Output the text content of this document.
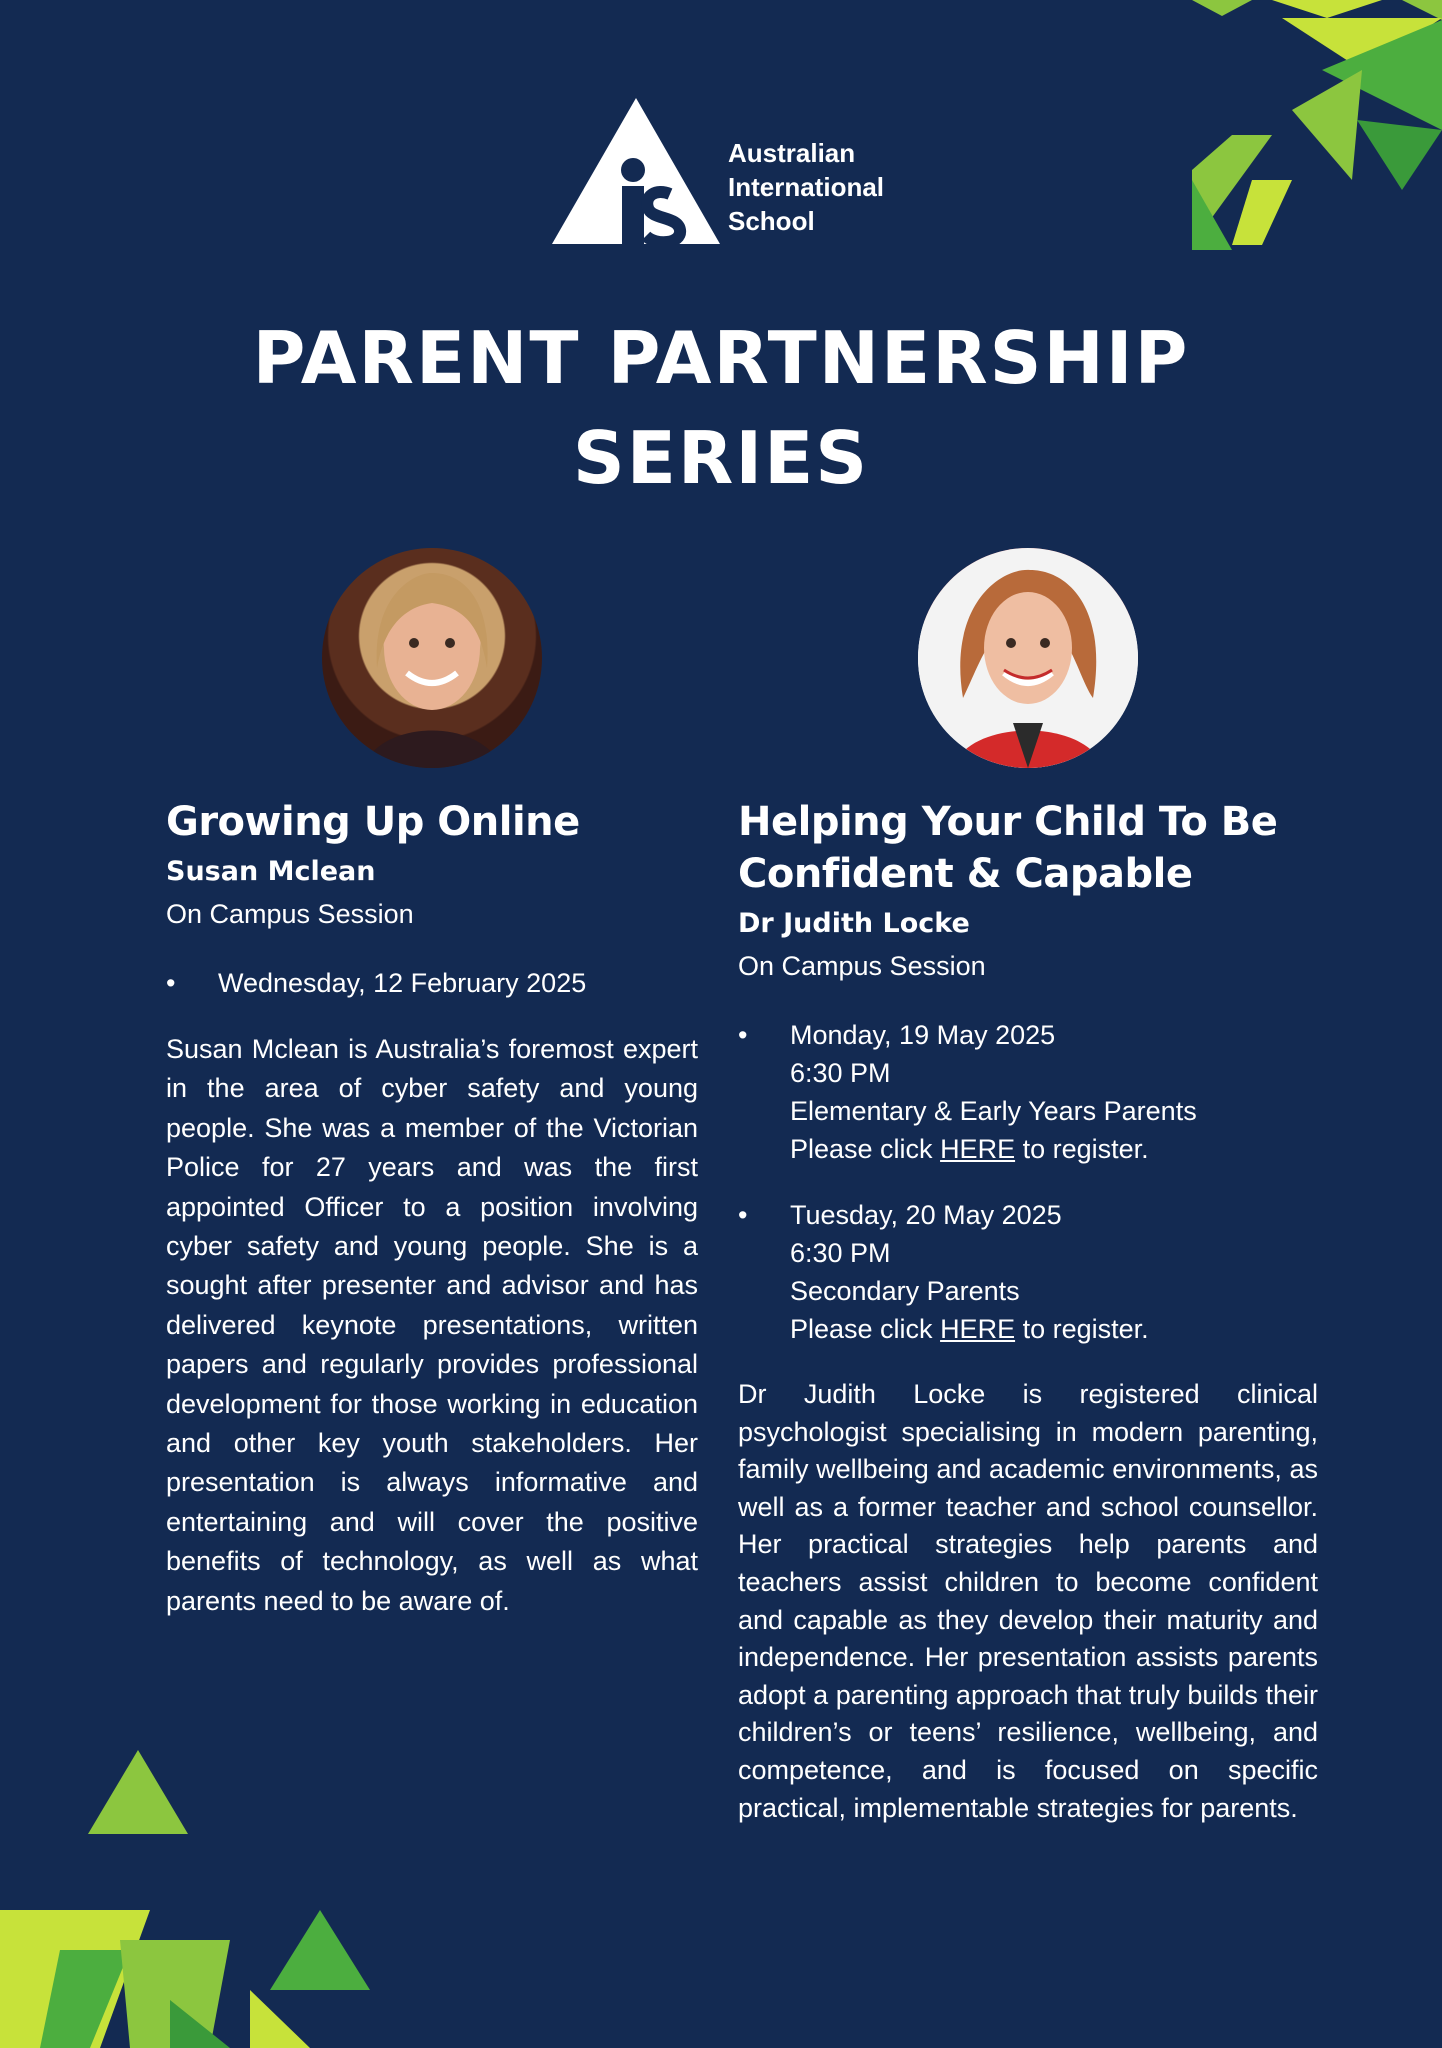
Australian
International
School
PARENT PARTNERSHIP
SERIES
Growing Up Online
Susan Mclean
On Campus Session
• Wednesday, 12 February 2025

Susan Mclean is Australia’s foremost expert in the area of cyber safety and young people. She was a member of the Victorian Police for 27 years and was the first appointed Officer to a position involving cyber safety and young people. She is a sought after presenter and advisor and has delivered keynote presentations, written papers and regularly provides professional development for those working in education and other key youth stakeholders. Her presentation is always informative and entertaining and will cover the positive benefits of technology, as well as what parents need to be aware of.

Helping Your Child To Be
Confident & Capable
Dr Judith Locke
On Campus Session
• Monday, 19 May 2025
6:30 PM
Elementary & Early Years Parents
Please click HERE to register.
• Tuesday, 20 May 2025
6:30 PM
Secondary Parents
Please click HERE to register.

Dr Judith Locke is registered clinical psychologist specialising in modern parenting, family wellbeing and academic environments, as well as a former teacher and school counsellor. Her practical strategies help parents and teachers assist children to become confident and capable as they develop their maturity and independence. Her presentation assists parents adopt a parenting approach that truly builds their children’s or teens’ resilience, wellbeing, and competence, and is focused on specific practical, implementable strategies for parents.
